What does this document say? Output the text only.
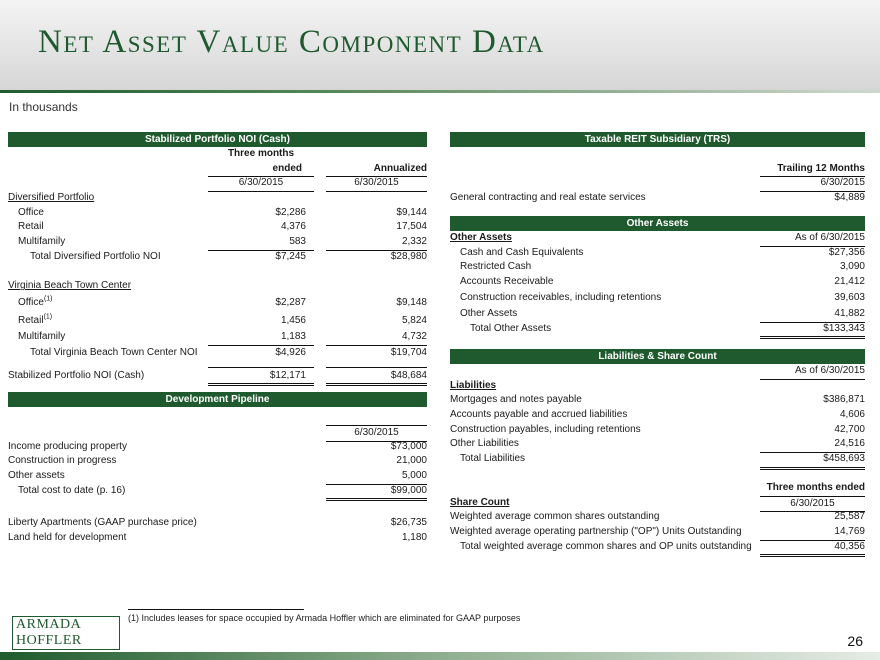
Net Asset Value Component Data
In thousands
Stabilized Portfolio NOI (Cash)
Three months
ended	Annualized
6/30/2015	6/30/2015
Diversified Portfolio
Office	$2,286	$9,144
Retail	4,376	17,504
Multifamily	583	2,332
Total Diversified Portfolio NOI	$7,245	$28,980
Virginia Beach Town Center
Office$^{(1)}$	$2,287	$9,148
Retail$^{(1)}$	1,456	5,824
Multifamily	1,183	4,732
Total Virginia Beach Town Center NOI	$4,926	$19,704
Stabilized Portfolio NOI (Cash)	$12,171	$48,684
Development Pipeline
6/30/2015
Income producing property	$73,000
Construction in progress	21,000
Other assets	5,000
Total cost to date (p. 16)	$99,000
Liberty Apartments (GAAP purchase price)	$26,735
Land held for development	1,180
Taxable REIT Subsidiary (TRS)
Trailing 12 Months
6/30/2015
General contracting and real estate services	$4,889
Other Assets
Other Assets	As of 6/30/2015
Cash and Cash Equivalents	$27,356
Restricted Cash	3,090
Accounts Receivable	21,412
Construction receivables, including retentions	39,603
Other Assets	41,882
Total Other Assets	$133,343
Liabilities & Share Count
As of 6/30/2015
Liabilities
Mortgages and notes payable	$386,871
Accounts payable and accrued liabilities	4,606
Construction payables, including retentions	42,700
Other Liabilities	24,516
Total Liabilities	$458,693
Three months ended
Share Count	6/30/2015
Weighted average common shares outstanding	25,587
Weighted average operating partnership ("OP") Units Outstanding	14,769
Total weighted average common shares and OP units outstanding	40,356
(1) Includes leases for space occupied by Armada Hoffler which are eliminated for GAAP purposes
ARMADA HOFFLER	26
